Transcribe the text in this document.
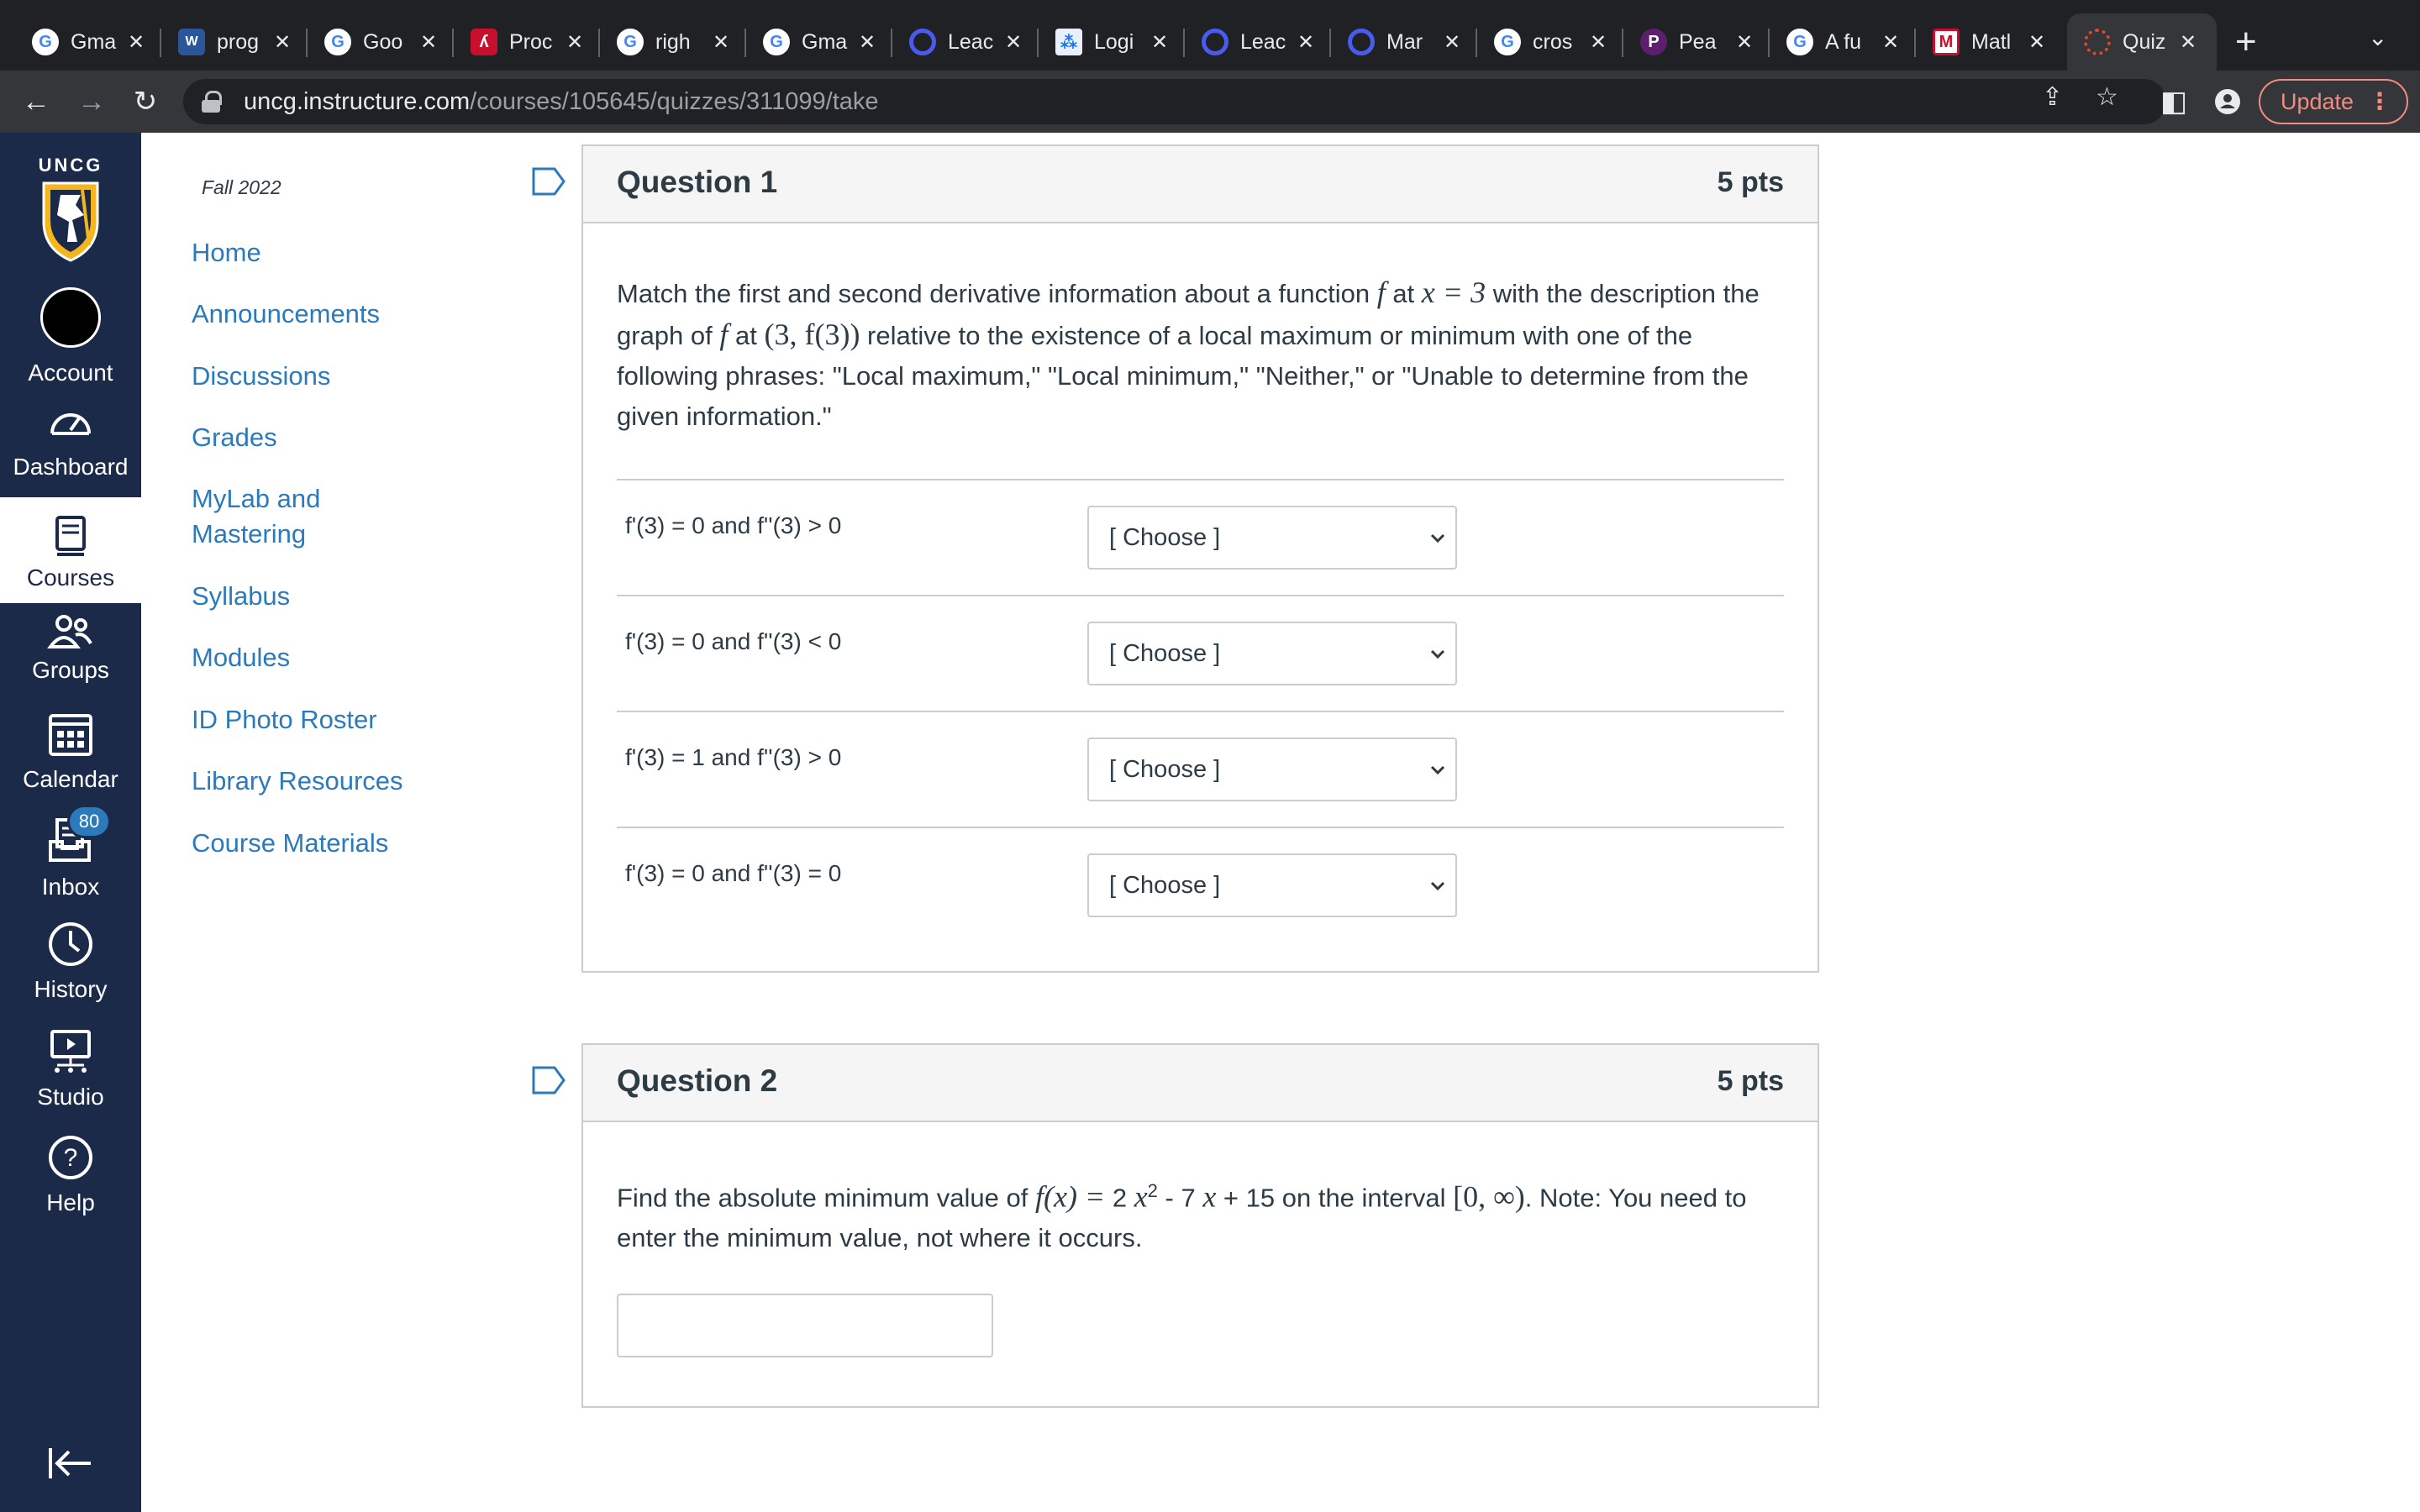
G Gma ✕	W prog ✕	G Goo ✕	ʎ Proc ✕	G righ	✕	G Gma ✕	Leac ✕ ⁂ Logi ✕	Leac ✕	Mar	✕	G cros ✕	P Pea ✕	G A fu	✕	M Matl ✕	Quiz ✕ +	⌄
← → ↻	uncg.instructure.com/courses/105645/quizzes/311099/take	⇪ ☆ ◧	Update ⋮
UNCG
Account
Dashboard
Courses
Groups
Calendar
Inbox
80
History
Studio
?
Help
Fall 2022
Home
Announcements
Discussions
Grades
MyLab and Mastering
Syllabus
Modules
ID Photo Roster
Library Resources
Course Materials
Question 1	5 pts
Match the first and second derivative information about a function f at x = 3 with the description the graph of f at (3, f(3)) relative to the existence of a local maximum or minimum with one of the following phrases: "Local maximum," "Local minimum," "Neither," or "Unable to determine from the given information."
f'(3) = 0 and f''(3) > 0	[ Choose ]
f'(3) = 0 and f''(3) < 0	[ Choose ]
f'(3) = 1 and f''(3) > 0	[ Choose ]
f'(3) = 0 and f''(3) = 0	[ Choose ]
Question 2	5 pts
Find the absolute minimum value of f(x) = 2 $x^2 - 7$ x + 15 on the interval [0, ∞). Note: You need to enter the minimum value, not where it occurs.
